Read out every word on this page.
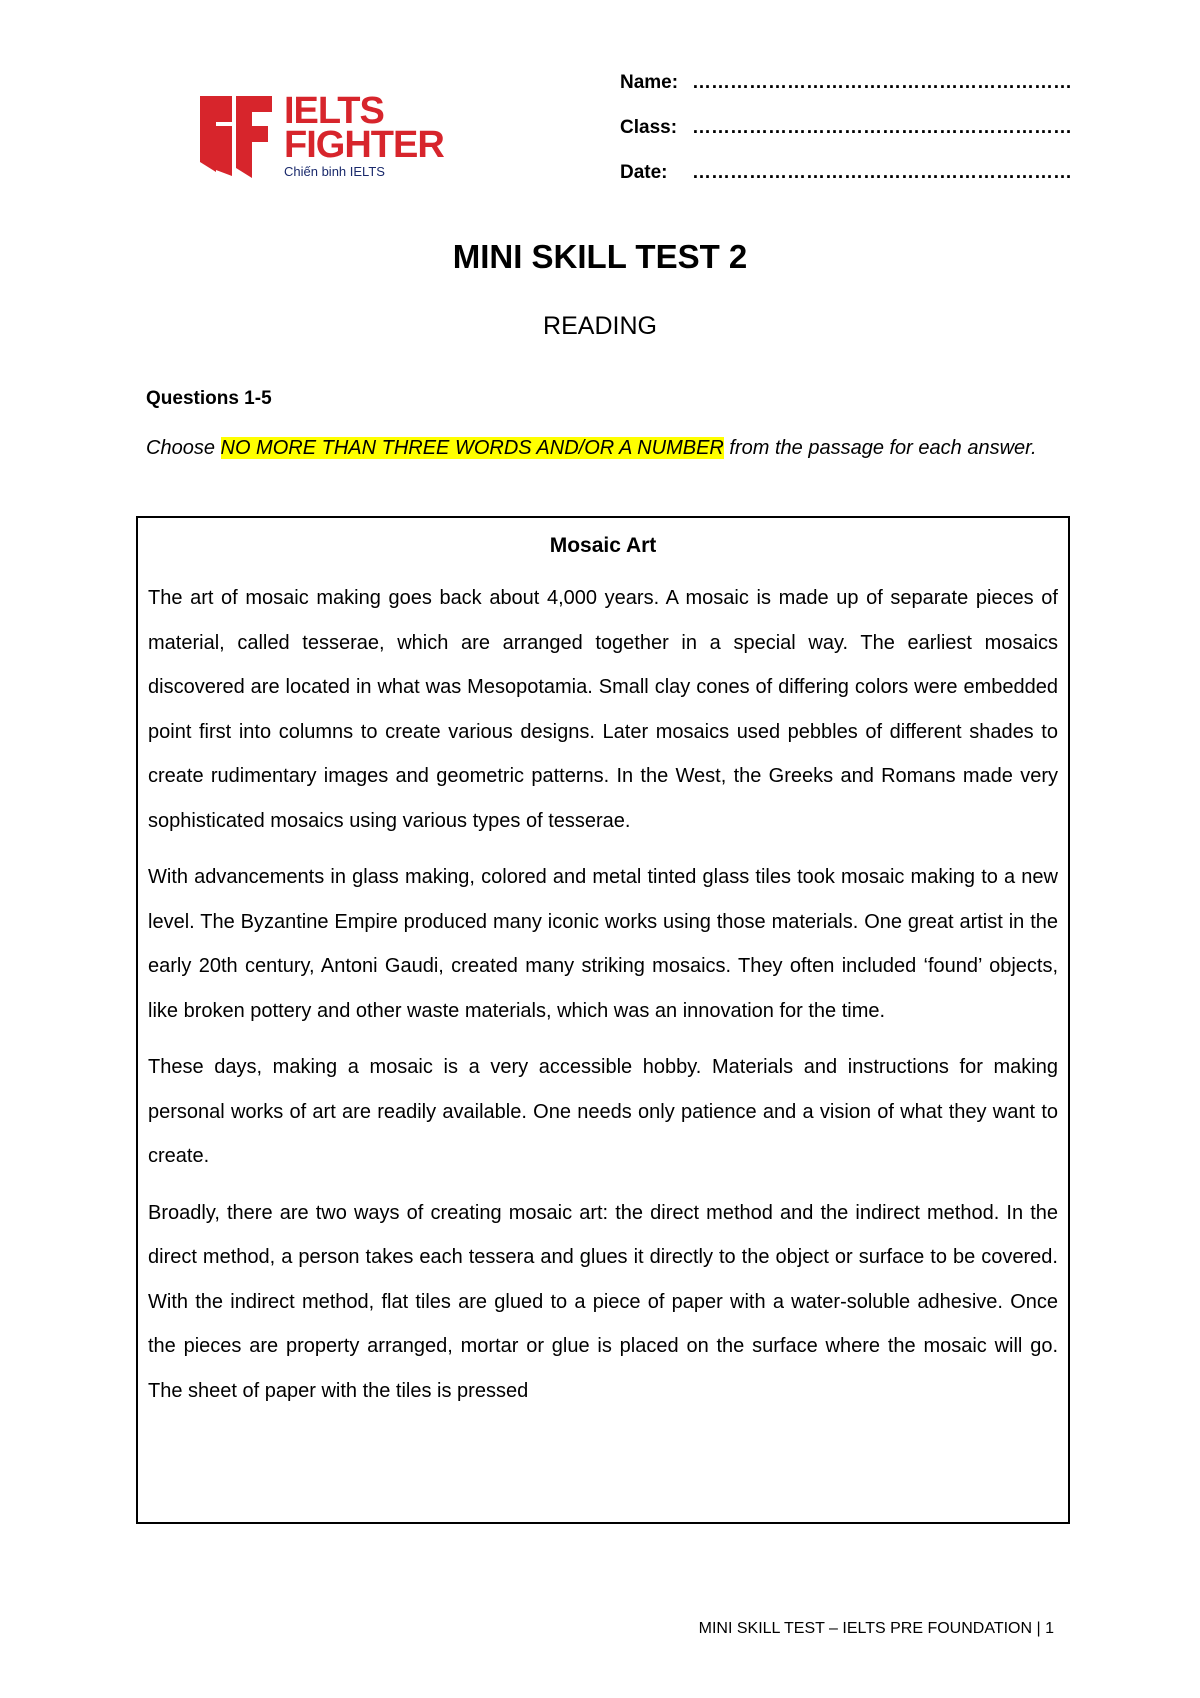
IELTS
FIGHTER
Chiến binh IELTS
Name: ……………………………………………………
Class: ……………………………………………………
Date:	……………………………………………………
MINI SKILL TEST 2
READING
Questions 1-5
Choose NO MORE THAN THREE WORDS AND/OR A NUMBER from the passage for each answer.
Mosaic Art

The art of mosaic making goes back about 4,000 years. A mosaic is made up of separate pieces of material, called tesserae, which are arranged together in a special way. The earliest mosaics discovered are located in what was Mesopotamia. Small clay cones of differing colors were embedded point first into columns to create various designs. Later mosaics used pebbles of different shades to create rudimentary images and geometric patterns. In the West, the Greeks and Romans made very sophisticated mosaics using various types of tesserae.

With advancements in glass making, colored and metal tinted glass tiles took mosaic making to a new level. The Byzantine Empire produced many iconic works using those materials. One great artist in the early 20th century, Antoni Gaudi, created many striking mosaics. They often included ‘found’ objects, like broken pottery and other waste materials, which was an innovation for the time.

These days, making a mosaic is a very accessible hobby. Materials and instructions for making personal works of art are readily available. One needs only patience and a vision of what they want to create.

Broadly, there are two ways of creating mosaic art: the direct method and the indirect method. In the direct method, a person takes each tessera and glues it directly to the object or surface to be covered. With the indirect method, flat tiles are glued to a piece of paper with a water-soluble adhesive. Once the pieces are property arranged, mortar or glue is placed on the surface where the mosaic will go. The sheet of paper with the tiles is pressed

MINI SKILL TEST – IELTS PRE FOUNDATION | 1
